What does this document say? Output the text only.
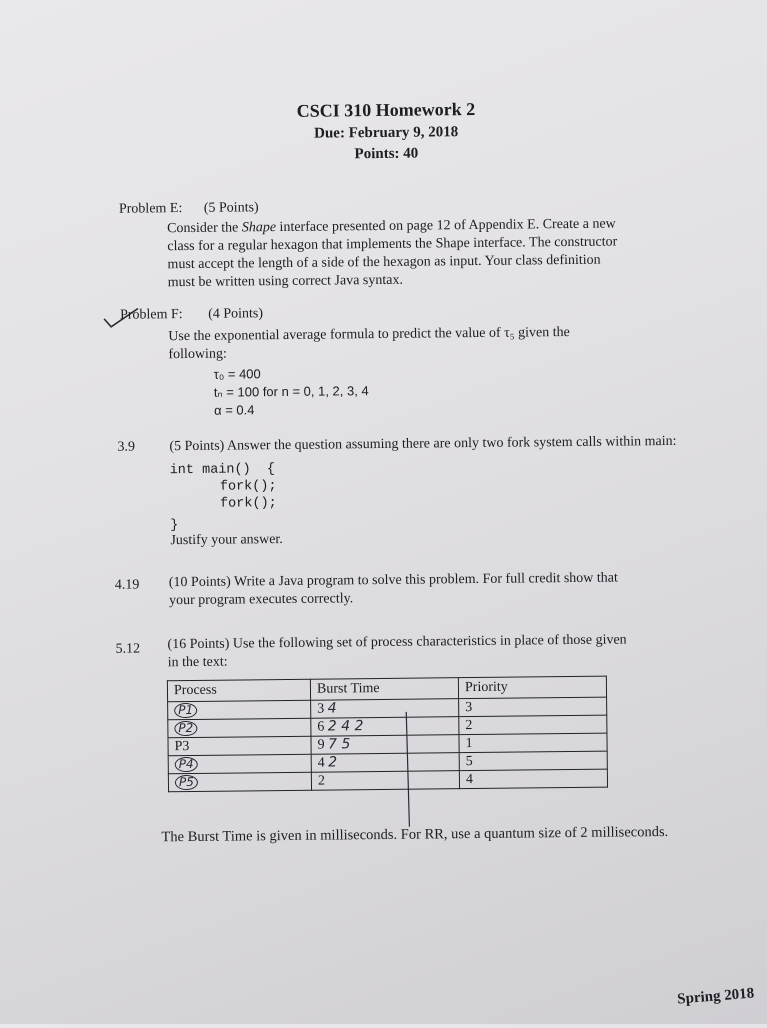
CSCI 310 Homework 2
Due: February 9, 2018
Points: 40
Problem E: (5 Points)
Consider the Shape interface presented on page 12 of Appendix E. Create a new
class for a regular hexagon that implements the Shape interface. The constructor
must accept the length of a side of the hexagon as input. Your class definition
must be written using correct Java syntax.
Problem F: (4 Points)
Use the exponential average formula to predict the value of τ₅ given the
following:
τ₀ = 400
tₙ = 100 for n = 0, 1, 2, 3, 4
α = 0.4
3.9 (5 Points) Answer the question assuming there are only two fork system calls within main:
int main()  {
fork();
fork();
}
Justify your answer.
4.19 (10 Points) Write a Java program to solve this problem. For full credit show that
your program executes correctly.
5.12 (16 Points) Use the following set of process characteristics in place of those given
in the text:
Process	Burst Time	Priority
P1	3 4	3
P2	6 2 4 2	2
P3	9 7 5	1
P4	4 2	5
P5	2	4
The Burst Time is given in milliseconds. For RR, use a quantum size of 2 milliseconds.
Spring 2018
